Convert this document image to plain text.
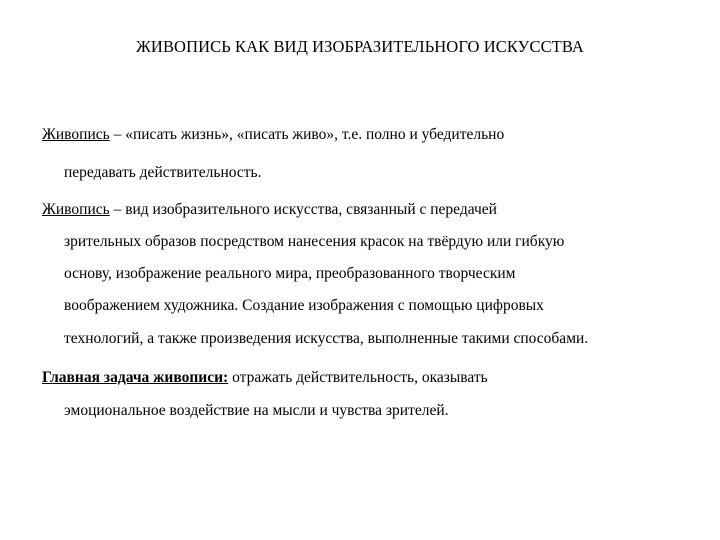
ЖИВОПИСЬ КАК ВИД ИЗОБРАЗИТЕЛЬНОГО ИСКУССТВА
Живопись – «писать жизнь», «писать живо», т.е. полно и убедительно
передавать действительность.
Живопись – вид изобразительного искусства, связанный с передачей
зрительных образов посредством нанесения красок на твёрдую или гибкую
основу, изображение реального мира, преобразованного творческим
воображением художника. Создание изображения с помощью цифровых
технологий, а также произведения искусства, выполненные такими способами.
Главная задача живописи: отражать действительность, оказывать
эмоциональное воздействие на мысли и чувства зрителей.
